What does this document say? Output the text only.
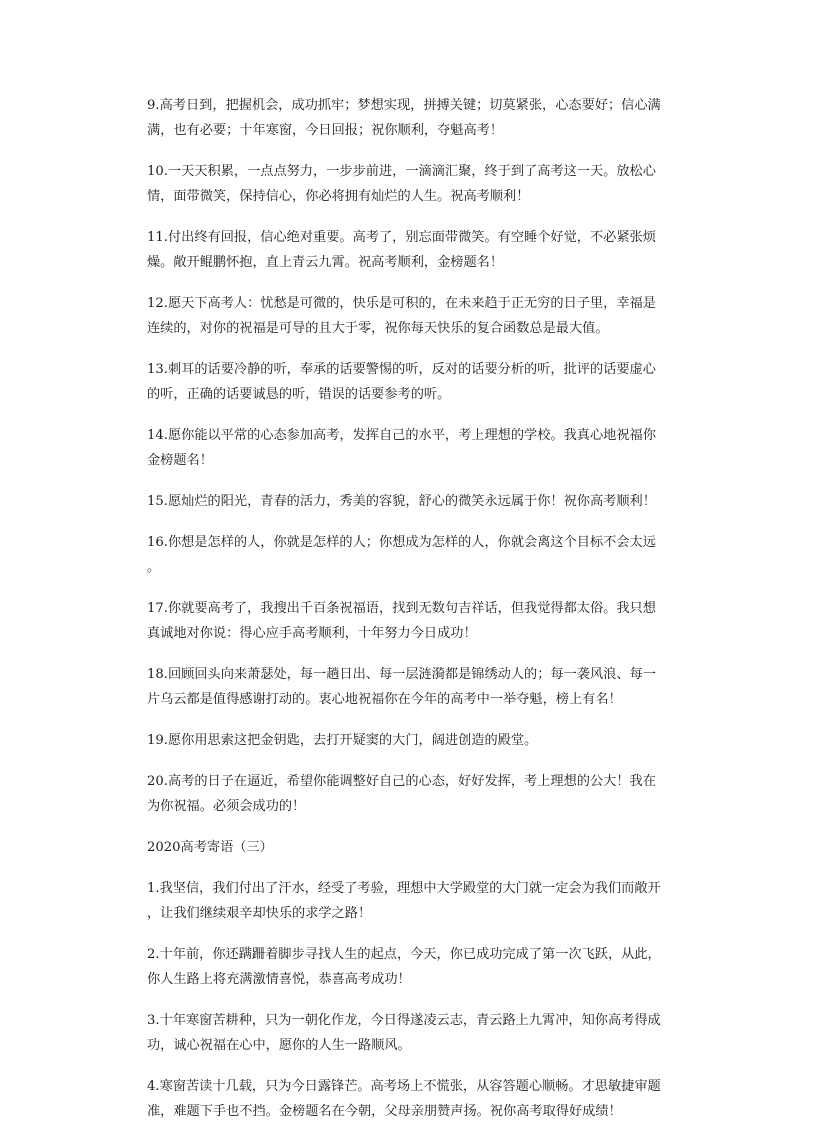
9.高考日到，把握机会，成功抓牢；梦想实现，拼搏关键；切莫紧张，心态要好；信心满
满，也有必要；十年寒窗，今日回报；祝你顺利，夺魁高考！
10.一天天积累，一点点努力，一步步前进，一滴滴汇聚，终于到了高考这一天。放松心
情，面带微笑，保持信心，你必将拥有灿烂的人生。祝高考顺利！
11.付出终有回报，信心绝对重要。高考了，别忘面带微笑。有空睡个好觉，不必紧张烦
燥。敞开鲲鹏怀抱，直上青云九霄。祝高考顺利，金榜题名！
12.愿天下高考人：忧愁是可微的，快乐是可积的，在未来趋于正无穷的日子里，幸福是
连续的，对你的祝福是可导的且大于零，祝你每天快乐的复合函数总是最大值。
13.刺耳的话要冷静的听，奉承的话要警惕的听，反对的话要分析的听，批评的话要虚心
的听，正确的话要诚恳的听，错误的话要参考的听。
14.愿你能以平常的心态参加高考，发挥自己的水平，考上理想的学校。我真心地祝福你
金榜题名！
15.愿灿烂的阳光，青春的活力，秀美的容貌，舒心的微笑永远属于你！祝你高考顺利！
16.你想是怎样的人，你就是怎样的人；你想成为怎样的人，你就会离这个目标不会太远
。
17.你就要高考了，我搜出千百条祝福语，找到无数句吉祥话，但我觉得都太俗。我只想
真诚地对你说：得心应手高考顺利，十年努力今日成功！
18.回顾回头向来萧瑟处，每一趟日出、每一层涟漪都是锦绣动人的；每一袭风浪、每一
片乌云都是值得感谢打动的。衷心地祝福你在今年的高考中一举夺魁，榜上有名！
19.愿你用思索这把金钥匙，去打开疑窦的大门，阔进创造的殿堂。
20.高考的日子在逼近，希望你能调整好自己的心态，好好发挥，考上理想的公大！我在
为你祝福。必须会成功的！
2020高考寄语（三）
1.我坚信，我们付出了汗水，经受了考验，理想中大学殿堂的大门就一定会为我们而敞开
，让我们继续艰辛却快乐的求学之路！
2.十年前，你还蹒跚着脚步寻找人生的起点，今天，你已成功完成了第一次飞跃，从此，
你人生路上将充满激情喜悦，恭喜高考成功！
3.十年寒窗苦耕种，只为一朝化作龙，今日得遂凌云志，青云路上九霄冲，知你高考得成
功，诚心祝福在心中，愿你的人生一路顺风。
4.寒窗苦读十几载，只为今日露锋芒。高考场上不慌张，从容答题心顺畅。才思敏捷审题
准，难题下手也不挡。金榜题名在今朝，父母亲朋赞声扬。祝你高考取得好成绩！
